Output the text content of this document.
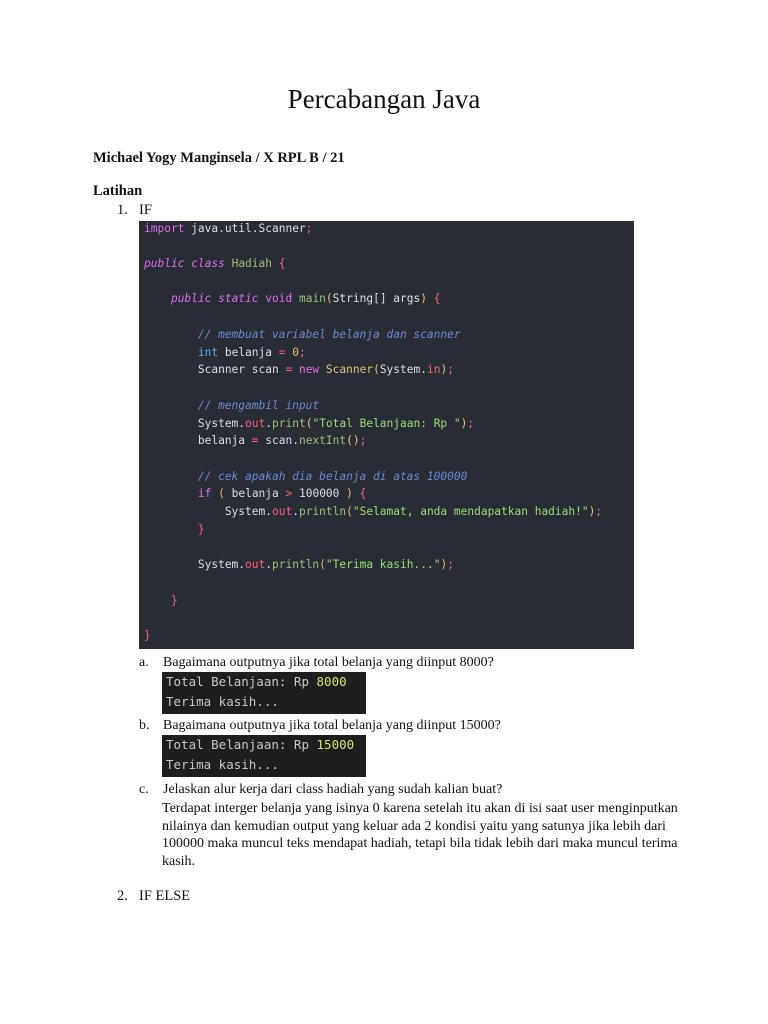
Percabangan Java
Michael Yogy Manginsela / X RPL B / 21
Latihan
1. IF
import java.util.Scanner;
public class Hadiah {
public static void main(String[] args) {
// membuat variabel belanja dan scanner
int belanja = 0;
Scanner scan = new Scanner(System.in);
// mengambil input
System.out.print("Total Belanjaan: Rp ");
belanja = scan.nextInt();
// cek apakah dia belanja di atas 100000
if ( belanja > 100000 ) {
System.out.println("Selamat, anda mendapatkan hadiah!");
}
System.out.println("Terima kasih...");
}
}
a. Bagaimana outputnya jika total belanja yang diinput 8000?
Total Belanjaan: Rp 8000
Terima kasih...
b. Bagaimana outputnya jika total belanja yang diinput 15000?
Total Belanjaan: Rp 15000
Terima kasih...
c. Jelaskan alur kerja dari class hadiah yang sudah kalian buat?
Terdapat interger belanja yang isinya 0 karena setelah itu akan di isi saat user menginputkan nilainya dan kemudian output yang keluar ada 2 kondisi yaitu yang satunya jika lebih dari 100000 maka muncul teks mendapat hadiah, tetapi bila tidak lebih dari maka muncul terima kasih.
2. IF ELSE
